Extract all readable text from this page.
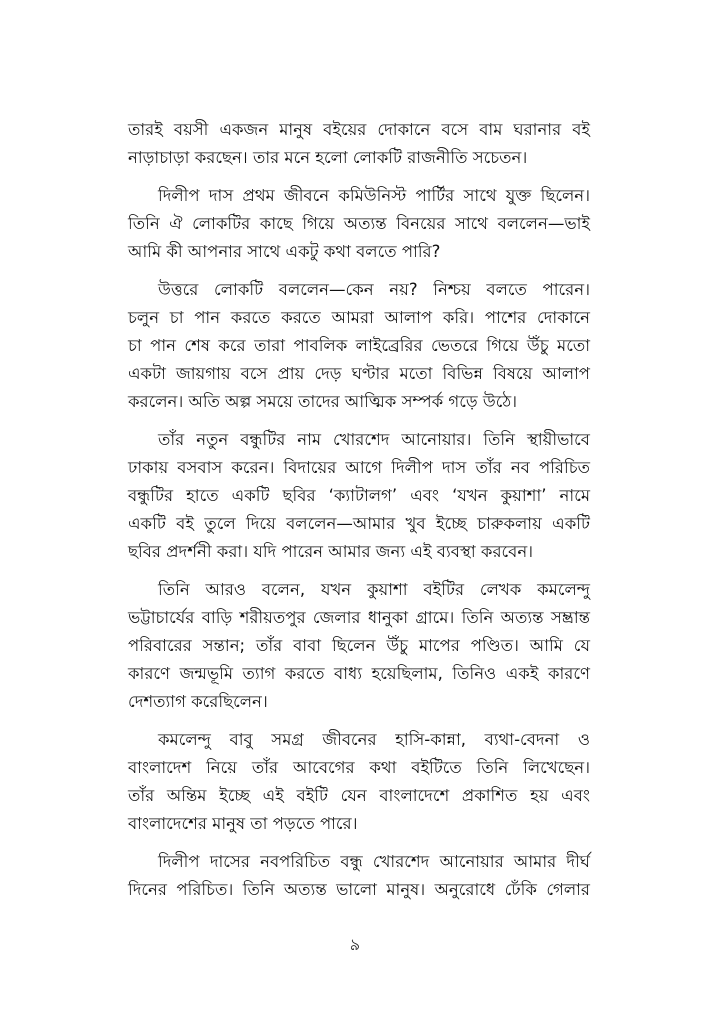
তারই বয়সী একজন মানুষ বইয়ের দোকানে বসে বাম ঘরানার বই
নাড়াচাড়া করছেন। তার মনে হলো লোকটি রাজনীতি সচেতন।

দিলীপ দাস প্রথম জীবনে কমিউনিস্ট পার্টির সাথে যুক্ত ছিলেন।
তিনি ঐ লোকটির কাছে গিয়ে অত্যন্ত বিনয়ের সাথে বললেন—ভাই
আমি কী আপনার সাথে একটু কথা বলতে পারি?

উত্তরে লোকটি বললেন—কেন নয়? নিশ্চয় বলতে পারেন।
চলুন চা পান করতে করতে আমরা আলাপ করি। পাশের দোকানে
চা পান শেষ করে তারা পাবলিক লাইব্রেরির ভেতরে গিয়ে উঁচু মতো
একটা জায়গায় বসে প্রায় দেড় ঘণ্টার মতো বিভিন্ন বিষয়ে আলাপ
করলেন। অতি অল্প সময়ে তাদের আত্মিক সম্পর্ক গড়ে উঠে।

তাঁর নতুন বন্ধুটির নাম খোরশেদ আনোয়ার। তিনি স্থায়ীভাবে
ঢাকায় বসবাস করেন। বিদায়ের আগে দিলীপ দাস তাঁর নব পরিচিত
বন্ধুটির হাতে একটি ছবির ‘ক্যাটালগ’ এবং ‘যখন কুয়াশা’ নামে
একটি বই তুলে দিয়ে বললেন—আমার খুব ইচ্ছে চারুকলায় একটি
ছবির প্রদর্শনী করা। যদি পারেন আমার জন্য এই ব্যবস্থা করবেন।

তিনি আরও বলেন, যখন কুয়াশা বইটির লেখক কমলেন্দু
ভট্টাচার্যের বাড়ি শরীয়তপুর জেলার ধানুকা গ্রামে। তিনি অত্যন্ত সম্ভ্রান্ত
পরিবারের সন্তান; তাঁর বাবা ছিলেন উঁচু মাপের পণ্ডিত। আমি যে
কারণে জন্মভূমি ত্যাগ করতে বাধ্য হয়েছিলাম, তিনিও একই কারণে
দেশত্যাগ করেছিলেন।

কমলেন্দু বাবু সমগ্র জীবনের হাসি-কান্না, ব্যথা-বেদনা ও
বাংলাদেশ নিয়ে তাঁর আবেগের কথা বইটিতে তিনি লিখেছেন।
তাঁর অন্তিম ইচ্ছে এই বইটি যেন বাংলাদেশে প্রকাশিত হয় এবং
বাংলাদেশের মানুষ তা পড়তে পারে।

দিলীপ দাসের নবপরিচিত বন্ধু খোরশেদ আনোয়ার আমার দীর্ঘ
দিনের পরিচিত। তিনি অত্যন্ত ভালো মানুষ। অনুরোধে ঢেঁকি গেলার

৯
